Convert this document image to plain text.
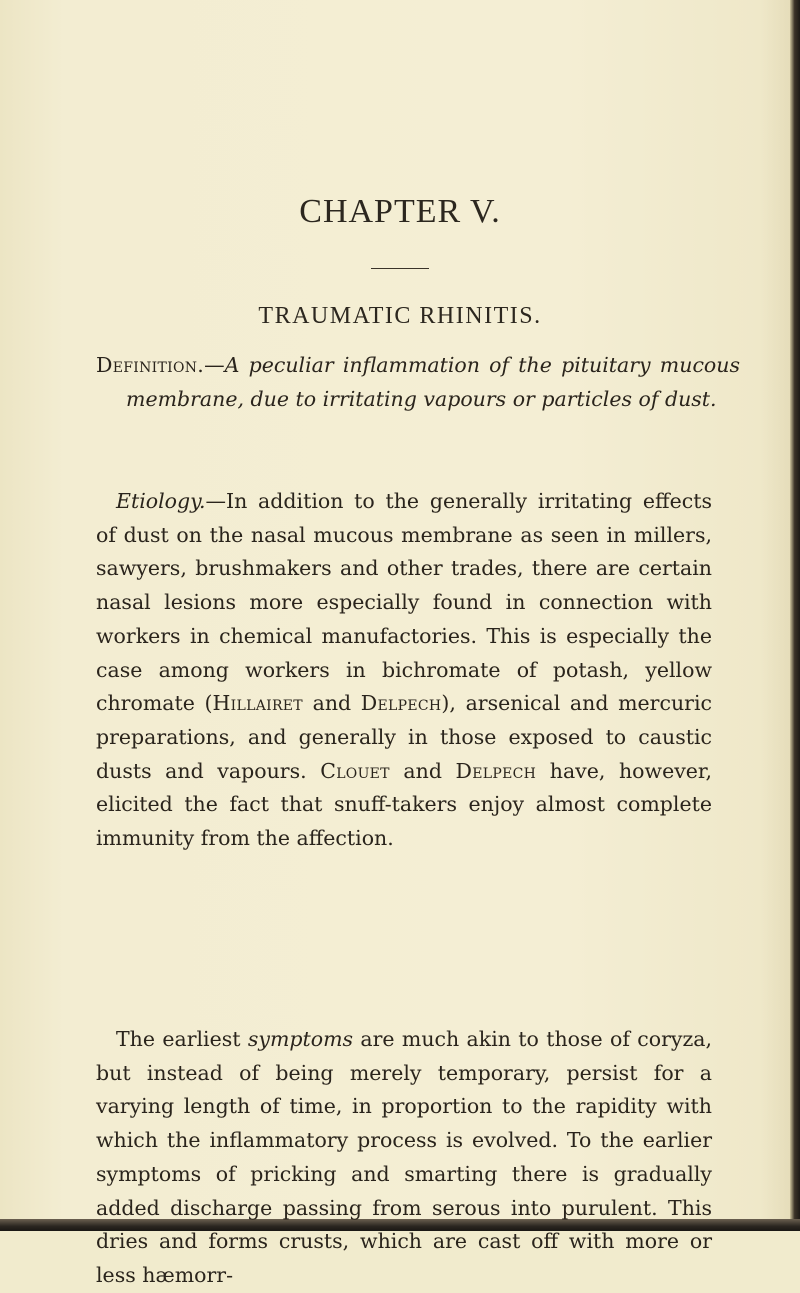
CHAPTER V.
TRAUMATIC RHINITIS.

Definition.—A peculiar inflammation of the pituitary mucous membrane, due to irritating vapours or particles of dust.

Etiology.—In addition to the generally irritating effects of dust on the nasal mucous membrane as seen in millers, sawyers, brushmakers and other trades, there are certain nasal lesions more especially found in connection with workers in chemical manufactories. This is especially the case among workers in bichromate of potash, yellow chromate (Hillairet and Delpech), arsenical and mercuric preparations, and generally in those exposed to caustic dusts and vapours. Clouet and Delpech have, however, elicited the fact that snuff-takers enjoy almost complete immunity from the affection.

The earliest symptoms are much akin to those of coryza, but instead of being merely temporary, persist for a varying length of time, in proportion to the rapidity with which the inflammatory process is evolved. To the earlier symptoms of pricking and smarting there is gradually added discharge passing from serous into purulent. This dries and forms crusts, which are cast off with more or less hæmorr-
